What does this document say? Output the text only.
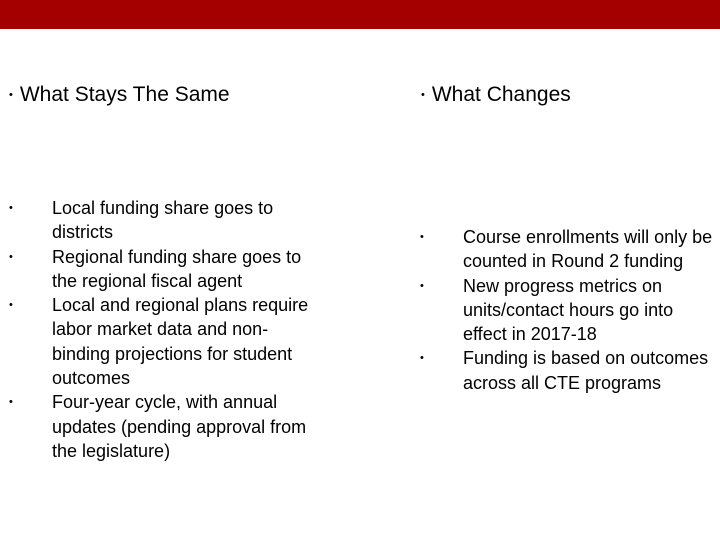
• What Stays The Same	• What Changes
• Local funding share goes to districts
• Regional funding share goes to the regional fiscal agent
• Local and regional plans require labor market data and non-binding projections for student outcomes
• Four-year cycle, with annual updates (pending approval from the legislature)
• Course enrollments will only be counted in Round 2 funding
• New progress metrics on units/contact hours go into effect in 2017-18
• Funding is based on outcomes across all CTE programs
